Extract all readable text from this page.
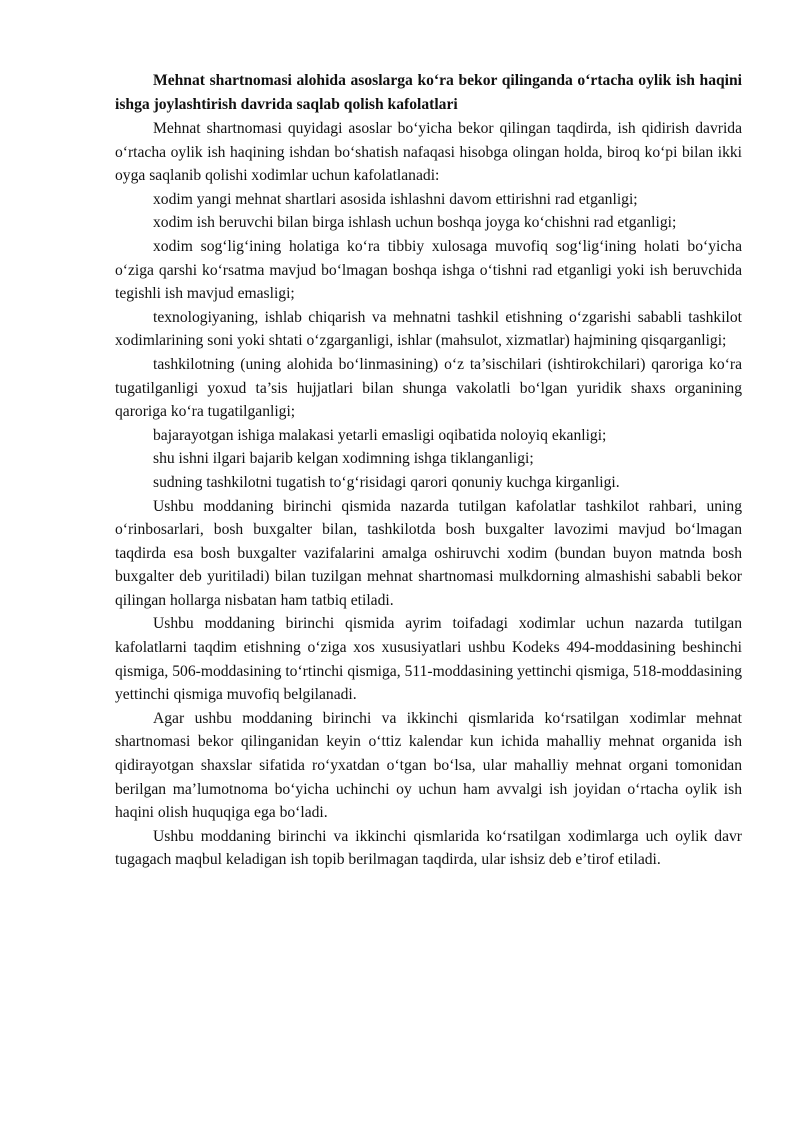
Mehnat shartnomasi alohida asoslarga ko‘ra bekor qilinganda o‘rtacha oylik ish haqini ishga joylashtirish davrida saqlab qolish kafolatlari

Mehnat shartnomasi quyidagi asoslar bo‘yicha bekor qilingan taqdirda, ish qidirish davrida o‘rtacha oylik ish haqining ishdan bo‘shatish nafaqasi hisobga olingan holda, biroq ko‘pi bilan ikki oyga saqlanib qolishi xodimlar uchun kafolatlanadi:

xodim yangi mehnat shartlari asosida ishlashni davom ettirishni rad etganligi;

xodim ish beruvchi bilan birga ishlash uchun boshqa joyga ko‘chishni rad etganligi;

xodim sog‘lig‘ining holatiga ko‘ra tibbiy xulosaga muvofiq sog‘lig‘ining holati bo‘yicha o‘ziga qarshi ko‘rsatma mavjud bo‘lmagan boshqa ishga o‘tishni rad etganligi yoki ish beruvchida tegishli ish mavjud emasligi;

texnologiyaning, ishlab chiqarish va mehnatni tashkil etishning o‘zgarishi sababli tashkilot xodimlarining soni yoki shtati o‘zgarganligi, ishlar (mahsulot, xizmatlar) hajmining qisqarganligi;

tashkilotning (uning alohida bo‘linmasining) o‘z ta’sischilari (ishtirokchilari) qaroriga ko‘ra tugatilganligi yoxud ta’sis hujjatlari bilan shunga vakolatli bo‘lgan yuridik shaxs organining qaroriga ko‘ra tugatilganligi;

bajarayotgan ishiga malakasi yetarli emasligi oqibatida noloyiq ekanligi;

shu ishni ilgari bajarib kelgan xodimning ishga tiklanganligi;

sudning tashkilotni tugatish to‘g‘risidagi qarori qonuniy kuchga kirganligi.

Ushbu moddaning birinchi qismida nazarda tutilgan kafolatlar tashkilot rahbari, uning o‘rinbosarlari, bosh buxgalter bilan, tashkilotda bosh buxgalter lavozimi mavjud bo‘lmagan taqdirda esa bosh buxgalter vazifalarini amalga oshiruvchi xodim (bundan buyon matnda bosh buxgalter deb yuritiladi) bilan tuzilgan mehnat shartnomasi mulkdorning almashishi sababli bekor qilingan hollarga nisbatan ham tatbiq etiladi.

Ushbu moddaning birinchi qismida ayrim toifadagi xodimlar uchun nazarda tutilgan kafolatlarni taqdim etishning o‘ziga xos xususiyatlari ushbu Kodeks 494-moddasining beshinchi qismiga, 506-moddasining to‘rtinchi qismiga, 511-moddasining yettinchi qismiga, 518-moddasining yettinchi qismiga muvofiq belgilanadi.

Agar ushbu moddaning birinchi va ikkinchi qismlarida ko‘rsatilgan xodimlar mehnat shartnomasi bekor qilinganidan keyin o‘ttiz kalendar kun ichida mahalliy mehnat organida ish qidirayotgan shaxslar sifatida ro‘yxatdan o‘tgan bo‘lsa, ular mahalliy mehnat organi tomonidan berilgan ma’lumotnoma bo‘yicha uchinchi oy uchun ham avvalgi ish joyidan o‘rtacha oylik ish haqini olish huquqiga ega bo‘ladi.

Ushbu moddaning birinchi va ikkinchi qismlarida ko‘rsatilgan xodimlarga uch oylik davr tugagach maqbul keladigan ish topib berilmagan taqdirda, ular ishsiz deb e’tirof etiladi.
